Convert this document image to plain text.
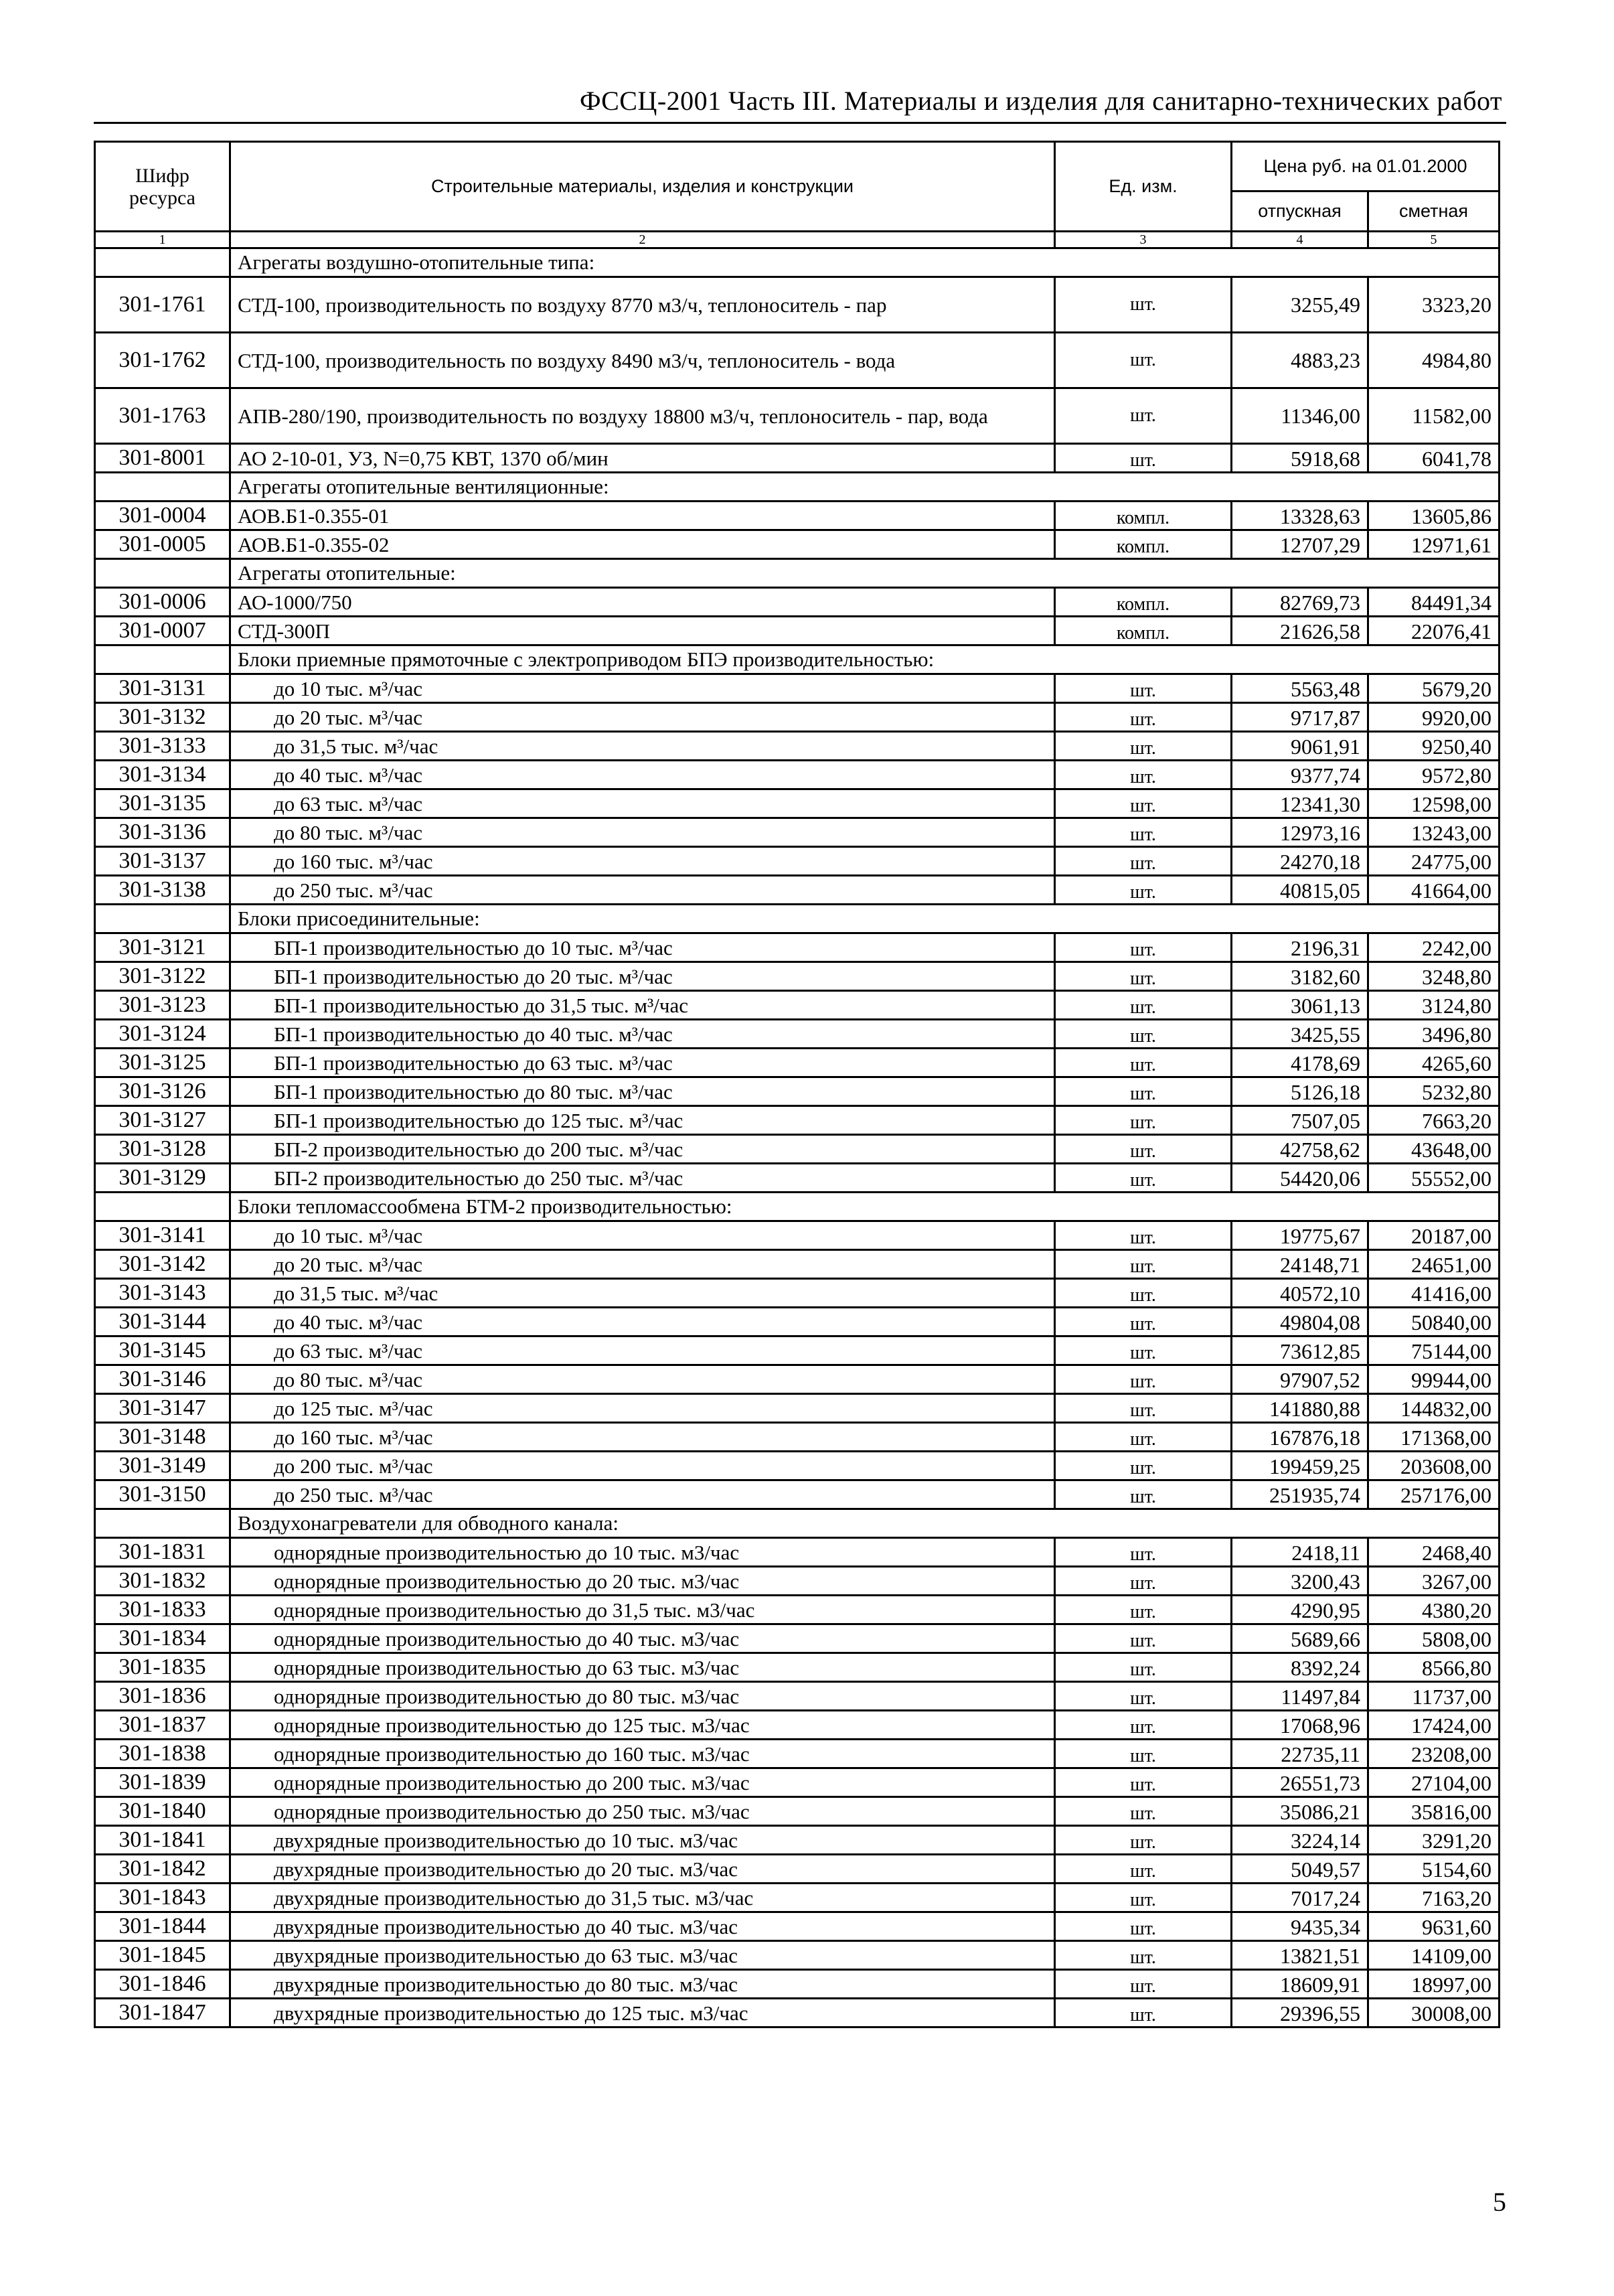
ФССЦ-2001 Часть III. Материалы и изделия для санитарно-технических работ
Шифр ресурса	Строительные материалы, изделия и конструкции	Ед. изм.	Цена руб. на 01.01.2000	
			отпускная	сметная
1	2	3	4	5
	Агрегаты воздушно-отопительные типа:			
301-1761	СТД-100, производительность по воздуху 8770 м3/ч, теплоноситель - пар	шт.	3255,49	3323,20
301-1762	СТД-100, производительность по воздуху 8490 м3/ч, теплоноситель - вода	шт.	4883,23	4984,80
301-1763	АПВ-280/190, производительность по воздуху 18800 м3/ч, теплоноситель - пар, вода	шт.	11346,00	11582,00
301-8001	АО 2-10-01, УЗ, N=0,75 КВТ, 1370 об/мин	шт.	5918,68	6041,78
	Агрегаты отопительные вентиляционные:			
301-0004	АОВ.Б1-0.355-01	компл.	13328,63	13605,86
301-0005	АОВ.Б1-0.355-02	компл.	12707,29	12971,61
	Агрегаты отопительные:			
301-0006	АО-1000/750	компл.	82769,73	84491,34
301-0007	СТД-300П	компл.	21626,58	22076,41
	Блоки приемные прямоточные с электроприводом БПЭ производительностью:			
301-3131	до 10 тыс. м³/час	шт.	5563,48	5679,20
301-3132	до 20 тыс. м³/час	шт.	9717,87	9920,00
301-3133	до 31,5 тыс. м³/час	шт.	9061,91	9250,40
301-3134	до 40 тыс. м³/час	шт.	9377,74	9572,80
301-3135	до 63 тыс. м³/час	шт.	12341,30	12598,00
301-3136	до 80 тыс. м³/час	шт.	12973,16	13243,00
301-3137	до 160 тыс. м³/час	шт.	24270,18	24775,00
301-3138	до 250 тыс. м³/час	шт.	40815,05	41664,00
	Блоки присоединительные:			
301-3121	БП-1 производительностью до 10 тыс. м³/час	шт.	2196,31	2242,00
301-3122	БП-1 производительностью до 20 тыс. м³/час	шт.	3182,60	3248,80
301-3123	БП-1 производительностью до 31,5 тыс. м³/час	шт.	3061,13	3124,80
301-3124	БП-1 производительностью до 40 тыс. м³/час	шт.	3425,55	3496,80
301-3125	БП-1 производительностью до 63 тыс. м³/час	шт.	4178,69	4265,60
301-3126	БП-1 производительностью до 80 тыс. м³/час	шт.	5126,18	5232,80
301-3127	БП-1 производительностью до 125 тыс. м³/час	шт.	7507,05	7663,20
301-3128	БП-2 производительностью до 200 тыс. м³/час	шт.	42758,62	43648,00
301-3129	БП-2 производительностью до 250 тыс. м³/час	шт.	54420,06	55552,00
	Блоки тепломассообмена БТМ-2 производительностью:			
301-3141	до 10 тыс. м³/час	шт.	19775,67	20187,00
301-3142	до 20 тыс. м³/час	шт.	24148,71	24651,00
301-3143	до 31,5 тыс. м³/час	шт.	40572,10	41416,00
301-3144	до 40 тыс. м³/час	шт.	49804,08	50840,00
301-3145	до 63 тыс. м³/час	шт.	73612,85	75144,00
301-3146	до 80 тыс. м³/час	шт.	97907,52	99944,00
301-3147	до 125 тыс. м³/час	шт.	141880,88	144832,00
301-3148	до 160 тыс. м³/час	шт.	167876,18	171368,00
301-3149	до 200 тыс. м³/час	шт.	199459,25	203608,00
301-3150	до 250 тыс. м³/час	шт.	251935,74	257176,00
	Воздухонагреватели для обводного канала:			
301-1831	однорядные производительностью до 10 тыс. м3/час	шт.	2418,11	2468,40
301-1832	однорядные производительностью до 20 тыс. м3/час	шт.	3200,43	3267,00
301-1833	однорядные производительностью до 31,5 тыс. м3/час	шт.	4290,95	4380,20
301-1834	однорядные производительностью до 40 тыс. м3/час	шт.	5689,66	5808,00
301-1835	однорядные производительностью до 63 тыс. м3/час	шт.	8392,24	8566,80
301-1836	однорядные производительностью до 80 тыс. м3/час	шт.	11497,84	11737,00
301-1837	однорядные производительностью до 125 тыс. м3/час	шт.	17068,96	17424,00
301-1838	однорядные производительностью до 160 тыс. м3/час	шт.	22735,11	23208,00
301-1839	однорядные производительностью до 200 тыс. м3/час	шт.	26551,73	27104,00
301-1840	однорядные производительностью до 250 тыс. м3/час	шт.	35086,21	35816,00
301-1841	двухрядные производительностью до 10 тыс. м3/час	шт.	3224,14	3291,20
301-1842	двухрядные производительностью до 20 тыс. м3/час	шт.	5049,57	5154,60
301-1843	двухрядные производительностью до 31,5 тыс. м3/час	шт.	7017,24	7163,20
301-1844	двухрядные производительностью до 40 тыс. м3/час	шт.	9435,34	9631,60
301-1845	двухрядные производительностью до 63 тыс. м3/час	шт.	13821,51	14109,00
301-1846	двухрядные производительностью до 80 тыс. м3/час	шт.	18609,91	18997,00
301-1847	двухрядные производительностью до 125 тыс. м3/час	шт.	29396,55	30008,00
5
